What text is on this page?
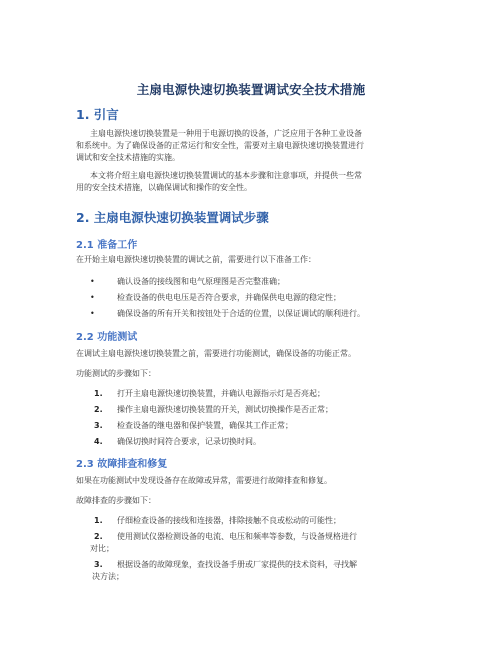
主扇电源快速切换装置调试安全技术措施
1. 引言
主扇电源快速切换装置是一种用于电源切换的设备，广泛应用于各种工业设备
和系统中。为了确保设备的正常运行和安全性，需要对主扇电源快速切换装置进行
调试和安全技术措施的实施。
本文将介绍主扇电源快速切换装置调试的基本步骤和注意事项，并提供一些常
用的安全技术措施，以确保调试和操作的安全性。
2. 主扇电源快速切换装置调试步骤
2.1 准备工作
在开始主扇电源快速切换装置的调试之前，需要进行以下准备工作：
•	确认设备的接线图和电气原理图是否完整准确；
•	检查设备的供电电压是否符合要求，并确保供电电源的稳定性；
•	确保设备的所有开关和按钮处于合适的位置，以保证调试的顺利进行。
2.2 功能测试
在调试主扇电源快速切换装置之前，需要进行功能测试，确保设备的功能正常。
功能测试的步骤如下：
1. 打开主扇电源快速切换装置，并确认电源指示灯是否亮起；
2. 操作主扇电源快速切换装置的开关，测试切换操作是否正常；
3. 检查设备的继电器和保护装置，确保其工作正常；
4. 确保切换时间符合要求，记录切换时间。
2.3 故障排查和修复
如果在功能测试中发现设备存在故障或异常，需要进行故障排查和修复。
故障排查的步骤如下：
1. 仔细检查设备的接线和连接器，排除接触不良或松动的可能性；
2. 使用测试仪器检测设备的电流、电压和频率等参数，与设备规格进行
对比；
3. 根据设备的故障现象，查找设备手册或厂家提供的技术资料，寻找解
决方法；
